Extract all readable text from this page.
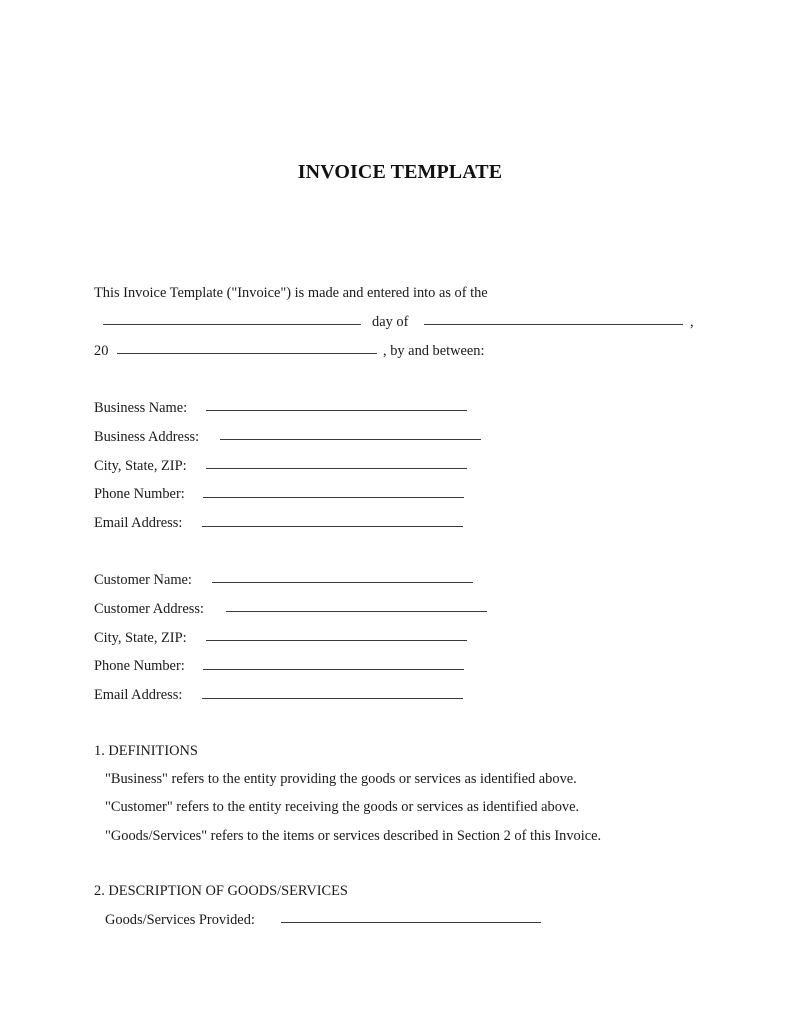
INVOICE TEMPLATE
This Invoice Template ("Invoice") is made and entered into as of the
day of	,
20	, by and between:
Business Name:
Business Address:
City, State, ZIP:
Phone Number:
Email Address:
Customer Name:
Customer Address:
City, State, ZIP:
Phone Number:
Email Address:
1. DEFINITIONS
"Business" refers to the entity providing the goods or services as identified above.
"Customer" refers to the entity receiving the goods or services as identified above.
"Goods/Services" refers to the items or services described in Section 2 of this Invoice.
2. DESCRIPTION OF GOODS/SERVICES
Goods/Services Provided:
